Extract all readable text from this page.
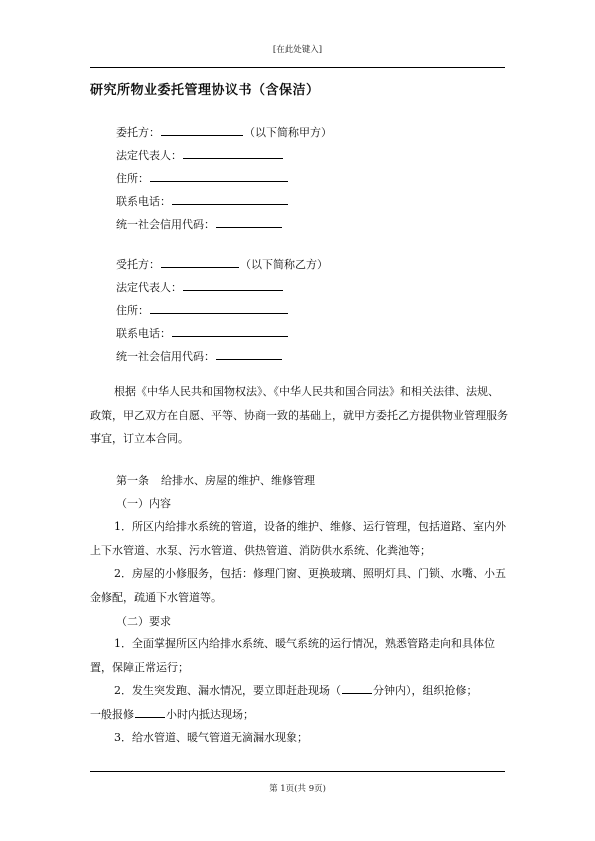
[在此处键入]
研究所物业委托管理协议书（含保洁）
委托方：	（以下简称甲方）
法定代表人：
住所：
联系电话：
统一社会信用代码：
受托方：	（以下简称乙方）
法定代表人：
住所：
联系电话：
统一社会信用代码：
根据《中华人民共和国物权法》、《中华人民共和国合同法》和相关法律、法规、政策，甲乙双方在自愿、平等、协商一致的基础上，就甲方委托乙方提供物业管理服务事宜，订立本合同。
第一条 给排水、房屋的维护、维修管理
（一）内容
1．所区内给排水系统的管道，设备的维护、维修、运行管理，包括道路、室内外上下水管道、水泵、污水管道、供热管道、消防供水系统、化粪池等；
2．房屋的小修服务，包括：修理门窗、更换玻璃、照明灯具、门锁、水嘴、小五金修配，疏通下水管道等。
（二）要求
1．全面掌握所区内给排水系统、暖气系统的运行情况，熟悉管路走向和具体位置，保障正常运行；
2．发生突发跑、漏水情况，要立即赶赴现场（	分钟内），组织抢修；
一般报修	小时内抵达现场；
3．给水管道、暖气管道无滴漏水现象；
第 1页(共 9页)
